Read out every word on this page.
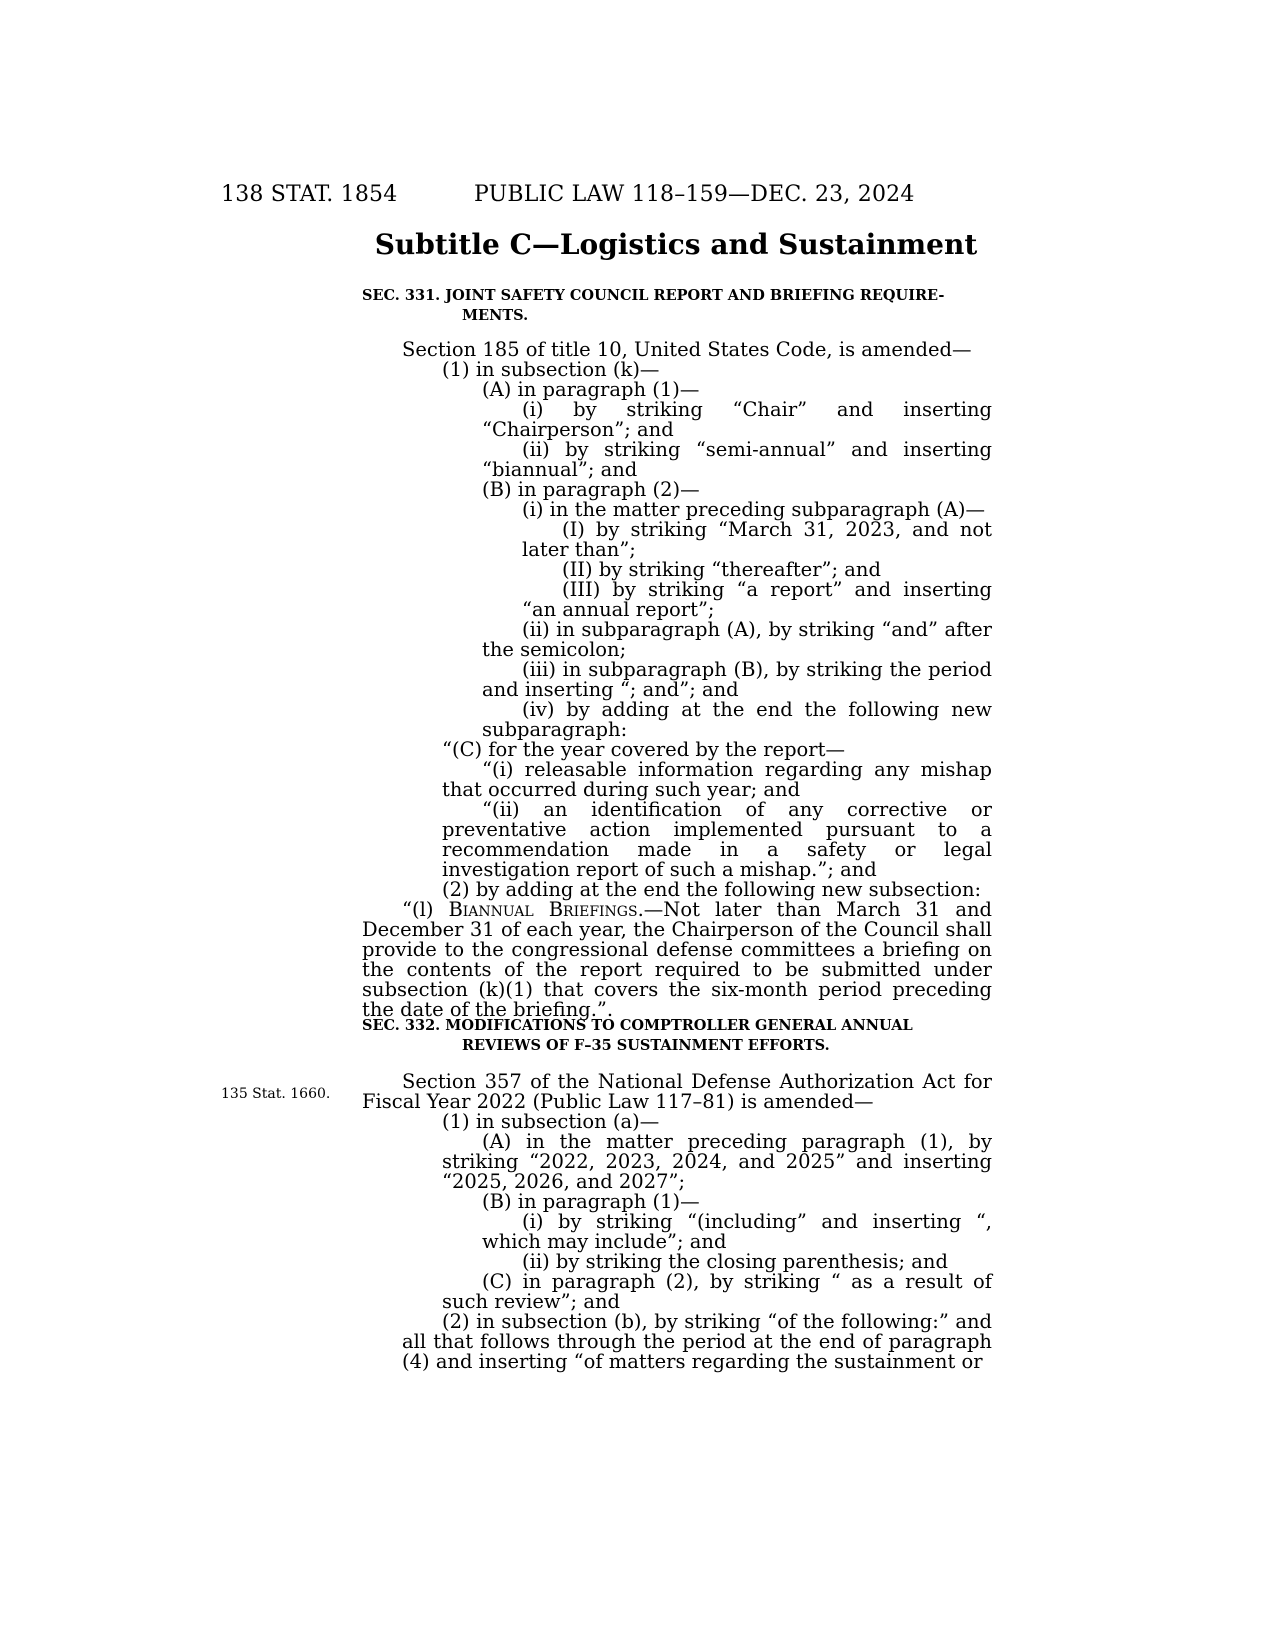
138 STAT. 1854	PUBLIC LAW 118–159—DEC. 23, 2024
Subtitle C—Logistics and Sustainment

SEC. 331. JOINT SAFETY COUNCIL REPORT AND BRIEFING REQUIRE-
MENTS.

Section 185 of title 10, United States Code, is amended—

(1) in subsection (k)—

(A) in paragraph (1)—

(i) by striking “Chair” and inserting “Chairperson”; and

(ii) by striking “semi-annual” and inserting “biannual”; and

(B) in paragraph (2)—

(i) in the matter preceding subparagraph (A)—

(I) by striking “March 31, 2023, and not later than”;

(II) by striking “thereafter”; and

(III) by striking “a report” and inserting “an annual report”;

(ii) in subparagraph (A), by striking “and” after the semicolon;

(iii) in subparagraph (B), by striking the period and inserting “; and”; and

(iv) by adding at the end the following new subparagraph:

“(C) for the year covered by the report—

“(i) releasable information regarding any mishap that occurred during such year; and

“(ii) an identification of any corrective or preventative action implemented pursuant to a recommendation made in a safety or legal investigation report of such a mishap.”; and

(2) by adding at the end the following new subsection:

“(l) Biannual Briefings.—Not later than March 31 and December 31 of each year, the Chairperson of the Council shall provide to the congressional defense committees a briefing on the contents of the report required to be submitted under subsection (k)(1) that covers the six-month period preceding the date of the briefing.”.

SEC. 332. MODIFICATIONS TO COMPTROLLER GENERAL ANNUAL
REVIEWS OF F–35 SUSTAINMENT EFFORTS.

Section 357 of the National Defense Authorization Act for Fiscal Year 2022 (Public Law 117–81) is amended—

(1) in subsection (a)—

(A) in the matter preceding paragraph (1), by striking “2022, 2023, 2024, and 2025” and inserting “2025, 2026, and 2027”;

(B) in paragraph (1)—

(i) by striking “(including” and inserting “, which may include”; and

(ii) by striking the closing parenthesis; and

(C) in paragraph (2), by striking “ as a result of such review”; and

(2) in subsection (b), by striking “of the following:” and all that follows through the period at the end of paragraph (4) and inserting “of matters regarding the sustainment or

135 Stat. 1660.
